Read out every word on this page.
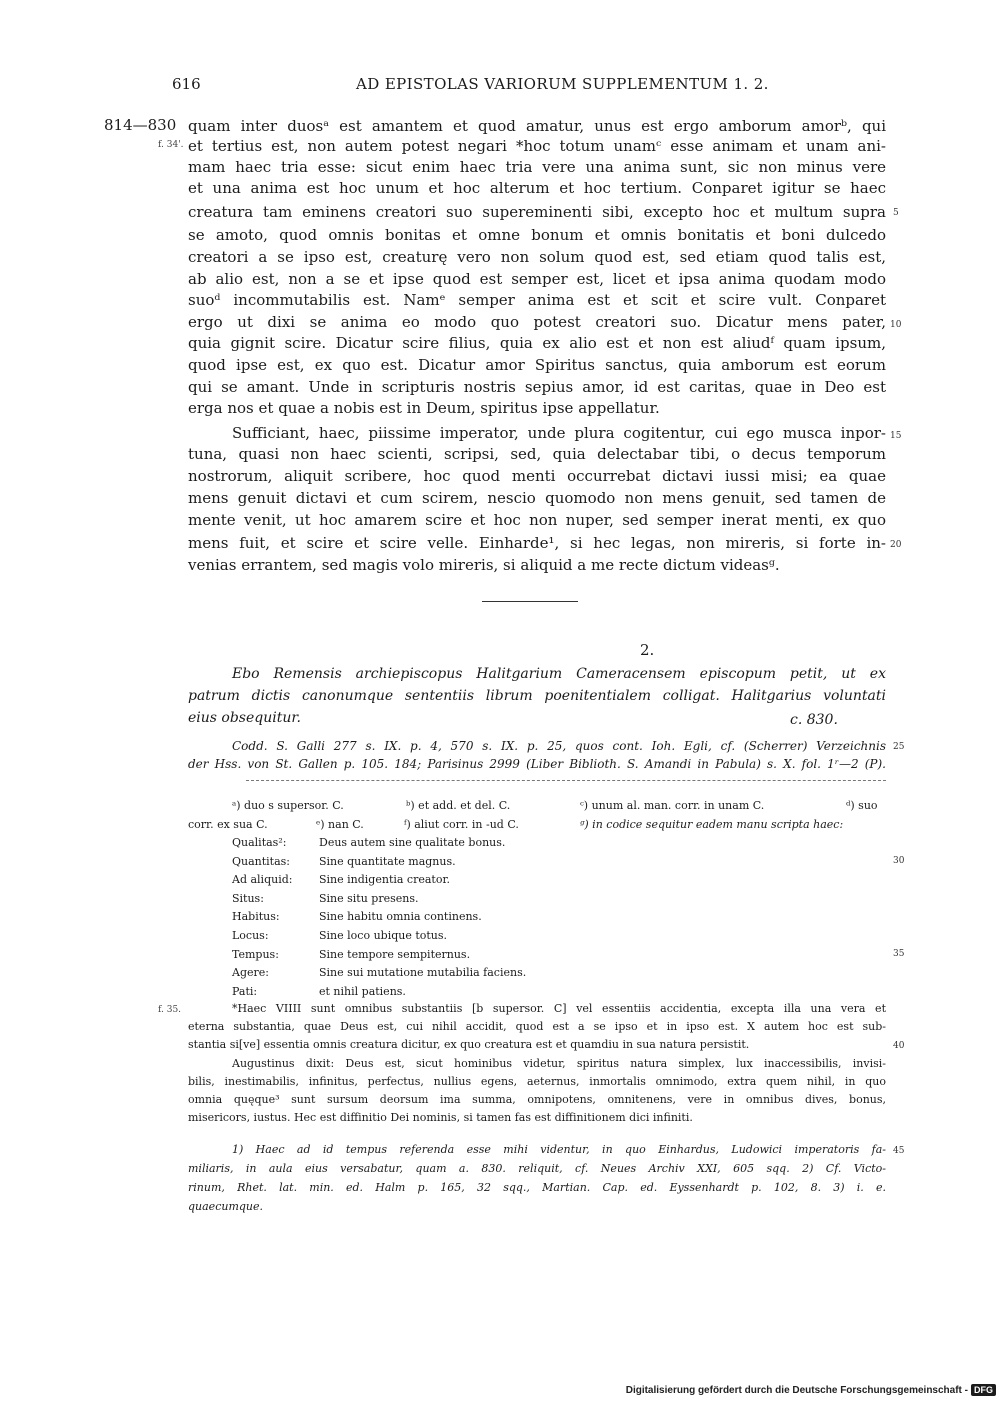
616	AD EPISTOLAS VARIORUM SUPPLEMENTUM 1. 2.
814—830
f. 34'.
quam inter duosᵃ est amantem et quod amatur, unus est ergo amborum amorᵇ, qui
et tertius est, non autem potest negari *hoc totum unamᶜ esse animam et unam ani-
mam haec tria esse: sicut enim haec tria vere una anima sunt, sic non minus vere
et una anima est hoc unum et hoc alterum et hoc tertium. Conparet igitur se haec
creatura tam eminens creatori suo supereminenti sibi, excepto hoc et multum supra
se amoto, quod omnis bonitas et omne bonum et omnis bonitatis et boni dulcedo
creatori a se ipso est, creaturę vero non solum quod est, sed etiam quod talis est,
ab alio est, non a se et ipse quod est semper est, licet et ipsa anima quodam modo
suoᵈ incommutabilis est. Namᵉ semper anima est et scit et scire vult. Conparet
ergo ut dixi se anima eo modo quo potest creatori suo. Dicatur mens pater,
quia gignit scire. Dicatur scire filius, quia ex alio est et non est aliudᶠ quam ipsum,
quod ipse est, ex quo est. Dicatur amor Spiritus sanctus, quia amborum est eorum
qui se amant. Unde in scripturis nostris sepius amor, id est caritas, quae in Deo est
erga nos et quae a nobis est in Deum, spiritus ipse appellatur.
Sufficiant, haec, piissime imperator, unde plura cogitentur, cui ego musca inpor-
tuna, quasi non haec scienti, scripsi, sed, quia delectabar tibi, o decus temporum
nostrorum, aliquit scribere, hoc quod menti occurrebat dictavi iussi misi; ea quae
mens genuit dictavi et cum scirem, nescio quomodo non mens genuit, sed tamen de
mente venit, ut hoc amarem scire et hoc non nuper, sed semper inerat menti, ex quo
mens fuit, et scire et scire velle. Einharde¹, si hec legas, non mireris, si forte in-
venias errantem, sed magis volo mireris, si aliquid a me recte dictum videasᵍ.
5
10
15
20
25
30
35
40
45
2.
Ebo Remensis archiepiscopus Halitgarium Cameracensem episcopum petit, ut ex
patrum dictis canonumque sententiis librum poenitentialem colligat. Halitgarius voluntati
eius obsequitur.	c. 830.
Codd. S. Galli 277 s. IX. p. 4, 570 s. IX. p. 25, quos cont. Ioh. Egli, cf. (Scherrer) Verzeichnis
der Hss. von St. Gallen p. 105. 184; Parisinus 2999 (Liber Biblioth. S. Amandi in Pabula) s. X. fol. 1ʳ—2 (P).
ᵃ) duo s supersor. C.	ᵇ) et add. et del. C.	ᶜ) unum al. man. corr. in unam C.	ᵈ) suo
corr. ex sua C.	ᵉ) nan C.	ᶠ) aliut corr. in -ud C.	ᵍ) in codice sequitur eadem manu scripta haec:
Qualitas²:	Deus autem sine qualitate bonus.
Quantitas:	Sine quantitate magnus.
Ad aliquid: Sine indigentia creator.
Situs:	Sine situ presens.
Habitus:	Sine habitu omnia continens.
Locus:	Sine loco ubique totus.
Tempus:	Sine tempore sempiternus.
Agere:	Sine sui mutatione mutabilia faciens.
Pati:	et nihil patiens.
f. 35.	*Haec VIIII sunt omnibus substantiis [b supersor. C] vel essentiis accidentia, excepta illa una vera et
eterna substantia, quae Deus est, cui nihil accidit, quod est a se ipso et in ipso est. X autem hoc est sub-
stantia si[ve] essentia omnis creatura dicitur, ex quo creatura est et quamdiu in sua natura persistit.
Augustinus dixit: Deus est, sicut hominibus videtur, spiritus natura simplex, lux inaccessibilis, invisi-
bilis, inestimabilis, infinitus, perfectus, nullius egens, aeternus, inmortalis omnimodo, extra quem nihil, in quo
omnia quęque³ sunt sursum deorsum ima summa, omnipotens, omnitenens, vere in omnibus dives, bonus,
misericors, iustus. Hec est diffinitio Dei nominis, si tamen fas est diffinitionem dici infiniti.
1) Haec ad id tempus referenda esse mihi videntur, in quo Einhardus, Ludowici imperatoris fa-
miliaris, in aula eius versabatur, quam a. 830. reliquit, cf. Neues Archiv XXI, 605 sqq. 2) Cf. Victo-
rinum, Rhet. lat. min. ed. Halm p. 165, 32 sqq., Martian. Cap. ed. Eyssenhardt p. 102, 8. 3) i. e.
quaecumque.
Digitalisierung gefördert durch die Deutsche Forschungsgemeinschaft - DFG
